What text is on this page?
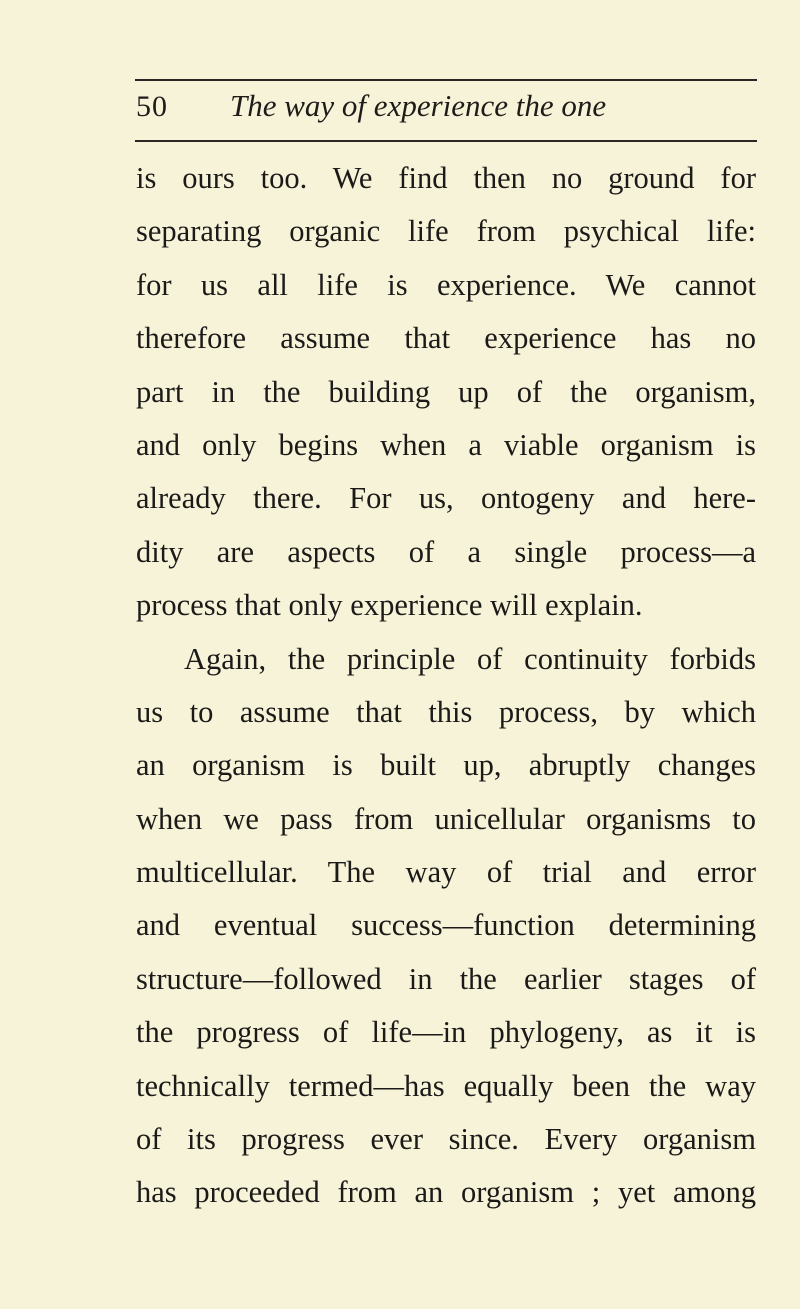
50 The way of experience the one
is ours too. We find then no ground for
separating organic life from psychical life:
for us all life is experience. We cannot
therefore assume that experience has no
part in the building up of the organism,
and only begins when a viable organism is
already there. For us, ontogeny and here-
dity are aspects of a single process—a
process that only experience will explain.
Again, the principle of continuity forbids
us to assume that this process, by which
an organism is built up, abruptly changes
when we pass from unicellular organisms to
multicellular. The way of trial and error
and eventual success—function determining
structure—followed in the earlier stages of
the progress of life—in phylogeny, as it is
technically termed—has equally been the way
of its progress ever since. Every organism
has proceeded from an organism ; yet among
